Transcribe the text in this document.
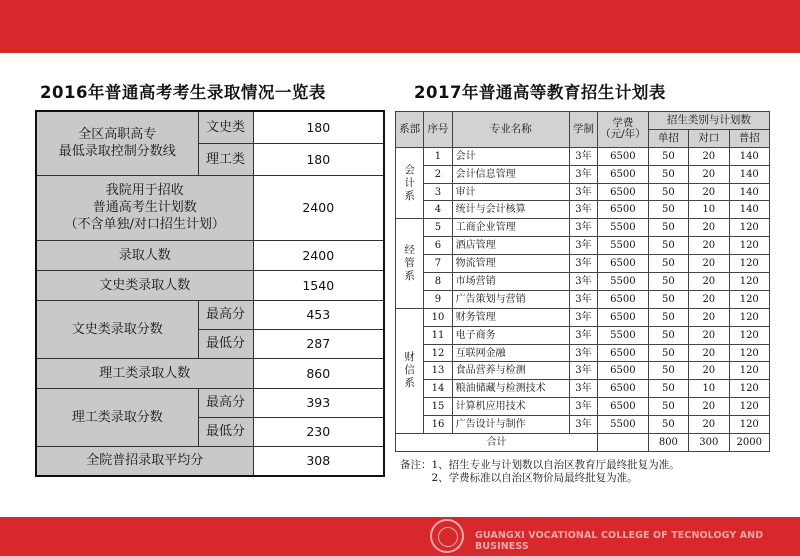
2016年普通高考考生录取情况一览表	2017年普通高等教育招生计划表
全区高职高专
最低录取控制分数线	文史类	180
	理工类	180

我院用于招收
普通高考生计划数
（不含单独/对口招生计划）		2400
录取人数		2400
文史类录取人数		1540
文史类录取分数	最高分	453
	最低分	287
理工类录取人数		860
理工类录取分数	最高分	393
	最低分	230
全院普招录取平均分		308
系部	序号	专业名称	学制	学费
（元/年）	招生类别与计划数		
					单招	对口	普招

会
计
系	1	会计	3年	6500	50	20	140
	2	会计信息管理	3年	6500	50	20	140
	3	审计	3年	6500	50	20	140
	4	统计与会计核算	3年	6500	50	10	140

经
管
系	5	工商企业管理	3年	5500	50	20	120
	6	酒店管理	3年	5500	50	20	120
	7	物流管理	3年	6500	50	20	120
	8	市场营销	3年	5500	50	20	120
	9	广告策划与营销	3年	6500	50	20	120

财
信
系	10	财务管理	3年	6500	50	20	120
	11	电子商务	3年	5500	50	20	120
	12	互联网金融	3年	6500	50	20	120
	13	食品营养与检测	3年	6500	50	20	120
	14	粮油储藏与检测技术	3年	6500	50	10	120
	15	计算机应用技术	3年	6500	50	20	120
	16	广告设计与制作	3年	5500	50	20	120
合计					800	300	2000
备注：1、招生专业与计划数以自治区教育厅最终批复为准。
　　　2、学费标准以自治区物价局最终批复为准。
GUANGXI VOCATIONAL COLLEGE OF TECNOLOGY AND BUSINESS
